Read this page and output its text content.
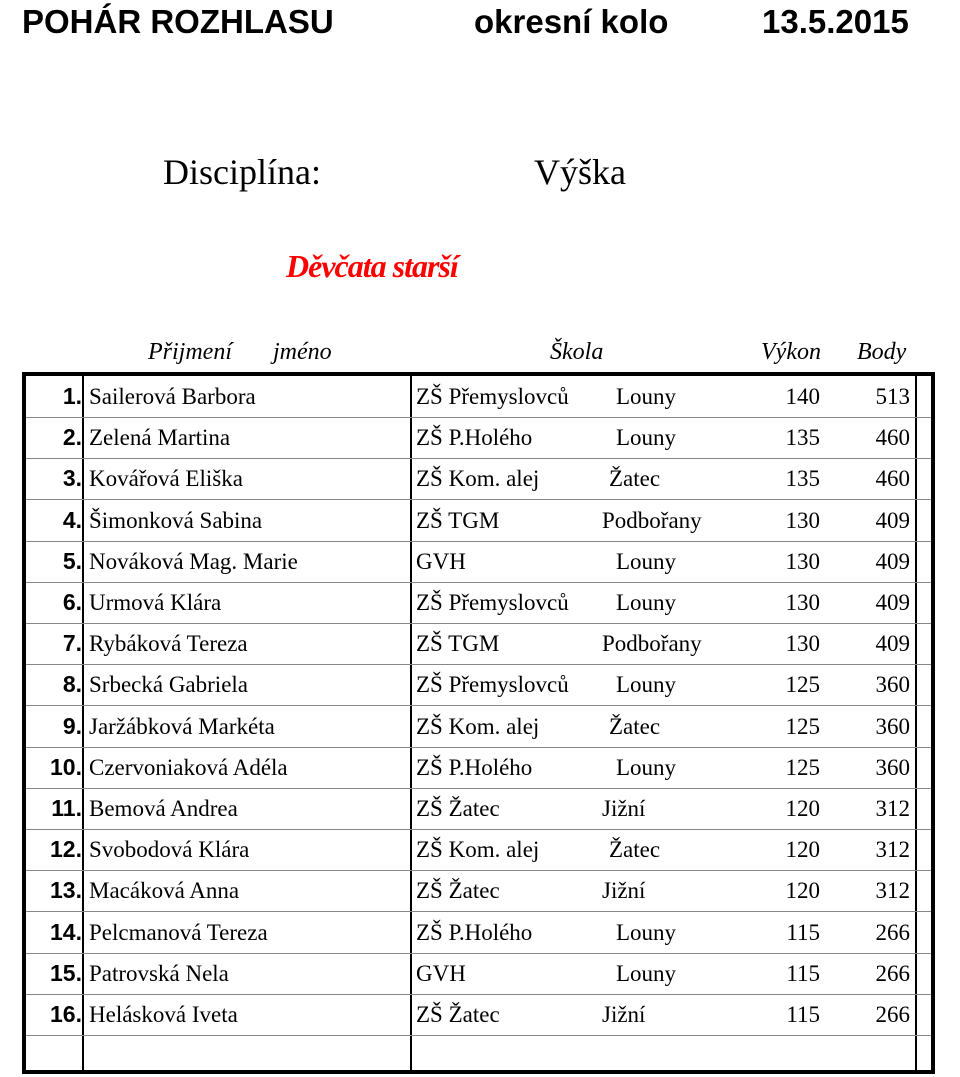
POHÁR ROZHLASU	okresní kolo	13.5.2015
Disciplína:	Výška
Děvčata starší
Přijmení jméno	Škola	Výkon Body
1. Sailerová Barbora	ZŠ Přemyslovců Louny	140	513
2. Zelená Martina	ZŠ P.Holého	Louny	135	460
3. Kovářová Eliška	ZŠ Kom. alej	Žatec	135	460
4. Šimonková Sabina	ZŠ TGM	Podbořany	130	409
5. Nováková Mag. Marie	GVH	Louny	130	409
6. Urmová Klára	ZŠ Přemyslovců Louny	130	409
7. Rybáková Tereza	ZŠ TGM	Podbořany	130	409
8. Srbecká Gabriela	ZŠ Přemyslovců Louny	125	360
9. Jaržábková Markéta	ZŠ Kom. alej	Žatec	125	360
10. Czervoniaková Adéla	ZŠ P.Holého	Louny	125	360
11. Bemová Andrea	ZŠ Žatec	Jižní	120	312
12. Svobodová Klára	ZŠ Kom. alej	Žatec	120	312
13. Macáková Anna	ZŠ Žatec	Jižní	120	312
14. Pelcmanová Tereza	ZŠ P.Holého	Louny	115	266
15. Patrovská Nela	GVH	Louny	115	266
16. Helásková Iveta	ZŠ Žatec	Jižní	115	266
